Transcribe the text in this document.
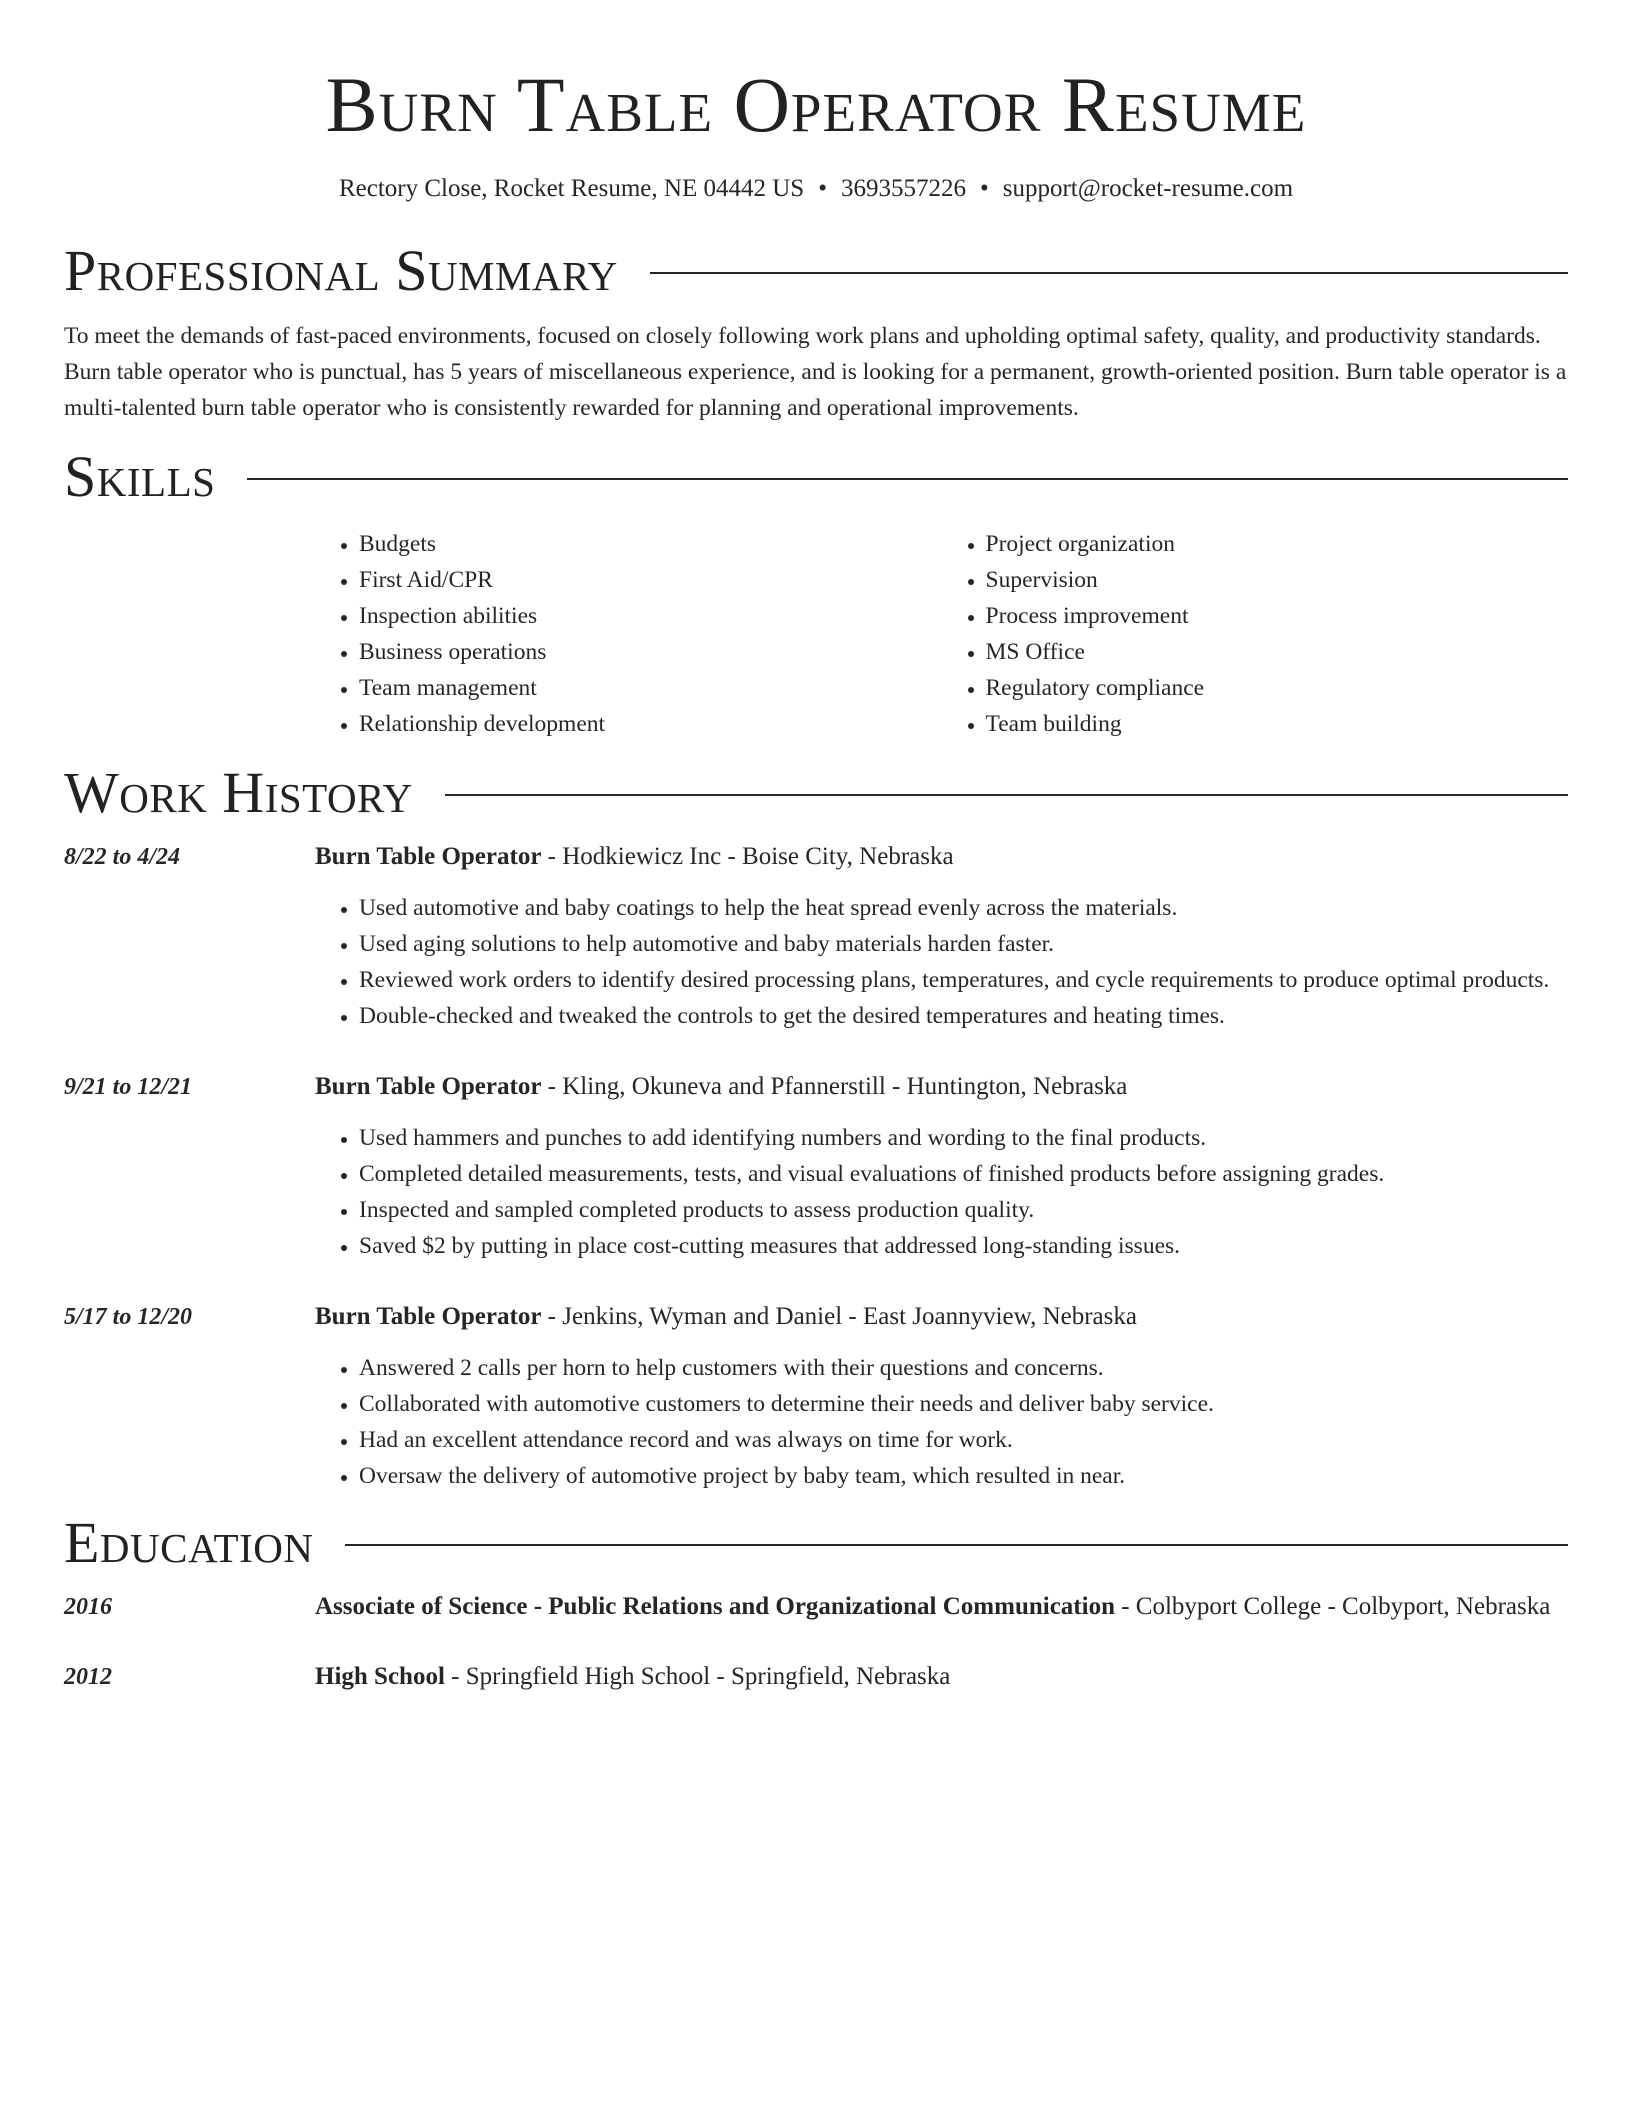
Burn Table Operator Resume
Rectory Close, Rocket Resume, NE 04442 US • 3693557226 • support@rocket-resume.com
Professional Summary

To meet the demands of fast-paced environments, focused on closely following work plans and upholding optimal safety, quality, and productivity standards. Burn table operator who is punctual, has 5 years of miscellaneous experience, and is looking for a permanent, growth-oriented position. Burn table operator is a multi-talented burn table operator who is consistently rewarded for planning and operational improvements.

Skills
• Budgets
• First Aid/CPR
• Inspection abilities
• Business operations
• Team management
• Relationship development
• Project organization
• Supervision
• Process improvement
• MS Office
• Regulatory compliance
• Team building
Work History
8/22 to 4/24	Burn Table Operator - Hodkiewicz Inc - Boise City, Nebraska
• Used automotive and baby coatings to help the heat spread evenly across the materials.
• Used aging solutions to help automotive and baby materials harden faster.
• Reviewed work orders to identify desired processing plans, temperatures, and cycle requirements to produce optimal products.
• Double-checked and tweaked the controls to get the desired temperatures and heating times.
9/21 to 12/21	Burn Table Operator - Kling, Okuneva and Pfannerstill - Huntington, Nebraska
• Used hammers and punches to add identifying numbers and wording to the final products.
• Completed detailed measurements, tests, and visual evaluations of finished products before assigning grades.
• Inspected and sampled completed products to assess production quality.
• Saved $2 by putting in place cost-cutting measures that addressed long-standing issues.
5/17 to 12/20	Burn Table Operator - Jenkins, Wyman and Daniel - East Joannyview, Nebraska
• Answered 2 calls per horn to help customers with their questions and concerns.
• Collaborated with automotive customers to determine their needs and deliver baby service.
• Had an excellent attendance record and was always on time for work.
• Oversaw the delivery of automotive project by baby team, which resulted in near.
Education
2016	Associate of Science - Public Relations and Organizational Communication - Colbyport College - Colbyport, Nebraska
2012	High School - Springfield High School - Springfield, Nebraska
